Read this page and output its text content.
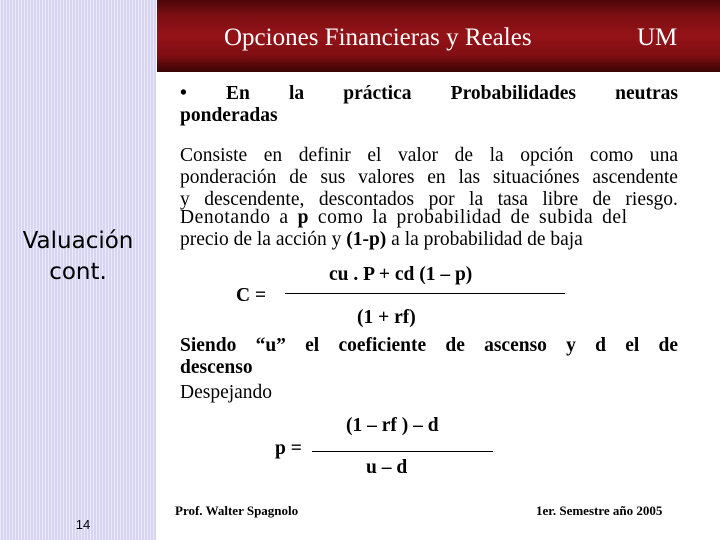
Valuación
cont.
14
Opciones Financieras y Reales	UM
• En la práctica Probabilidades neutras
ponderadas
Consiste en definir el valor de la opción como una
ponderación de sus valores en las situaciónes ascendente
y descendente, descontados por la tasa libre de riesgo.
Denotando a p como la probabilidad de subida del
precio de la acción y (1-p) a la probabilidad de baja
cu . P + cd (1 – p)
C =
(1 + rf)
Siendo “u” el coeficiente de ascenso y d el de
descenso
Despejando
(1 – rf ) – d
p =
u – d
Prof. Walter Spagnolo	1er. Semestre año 2005
